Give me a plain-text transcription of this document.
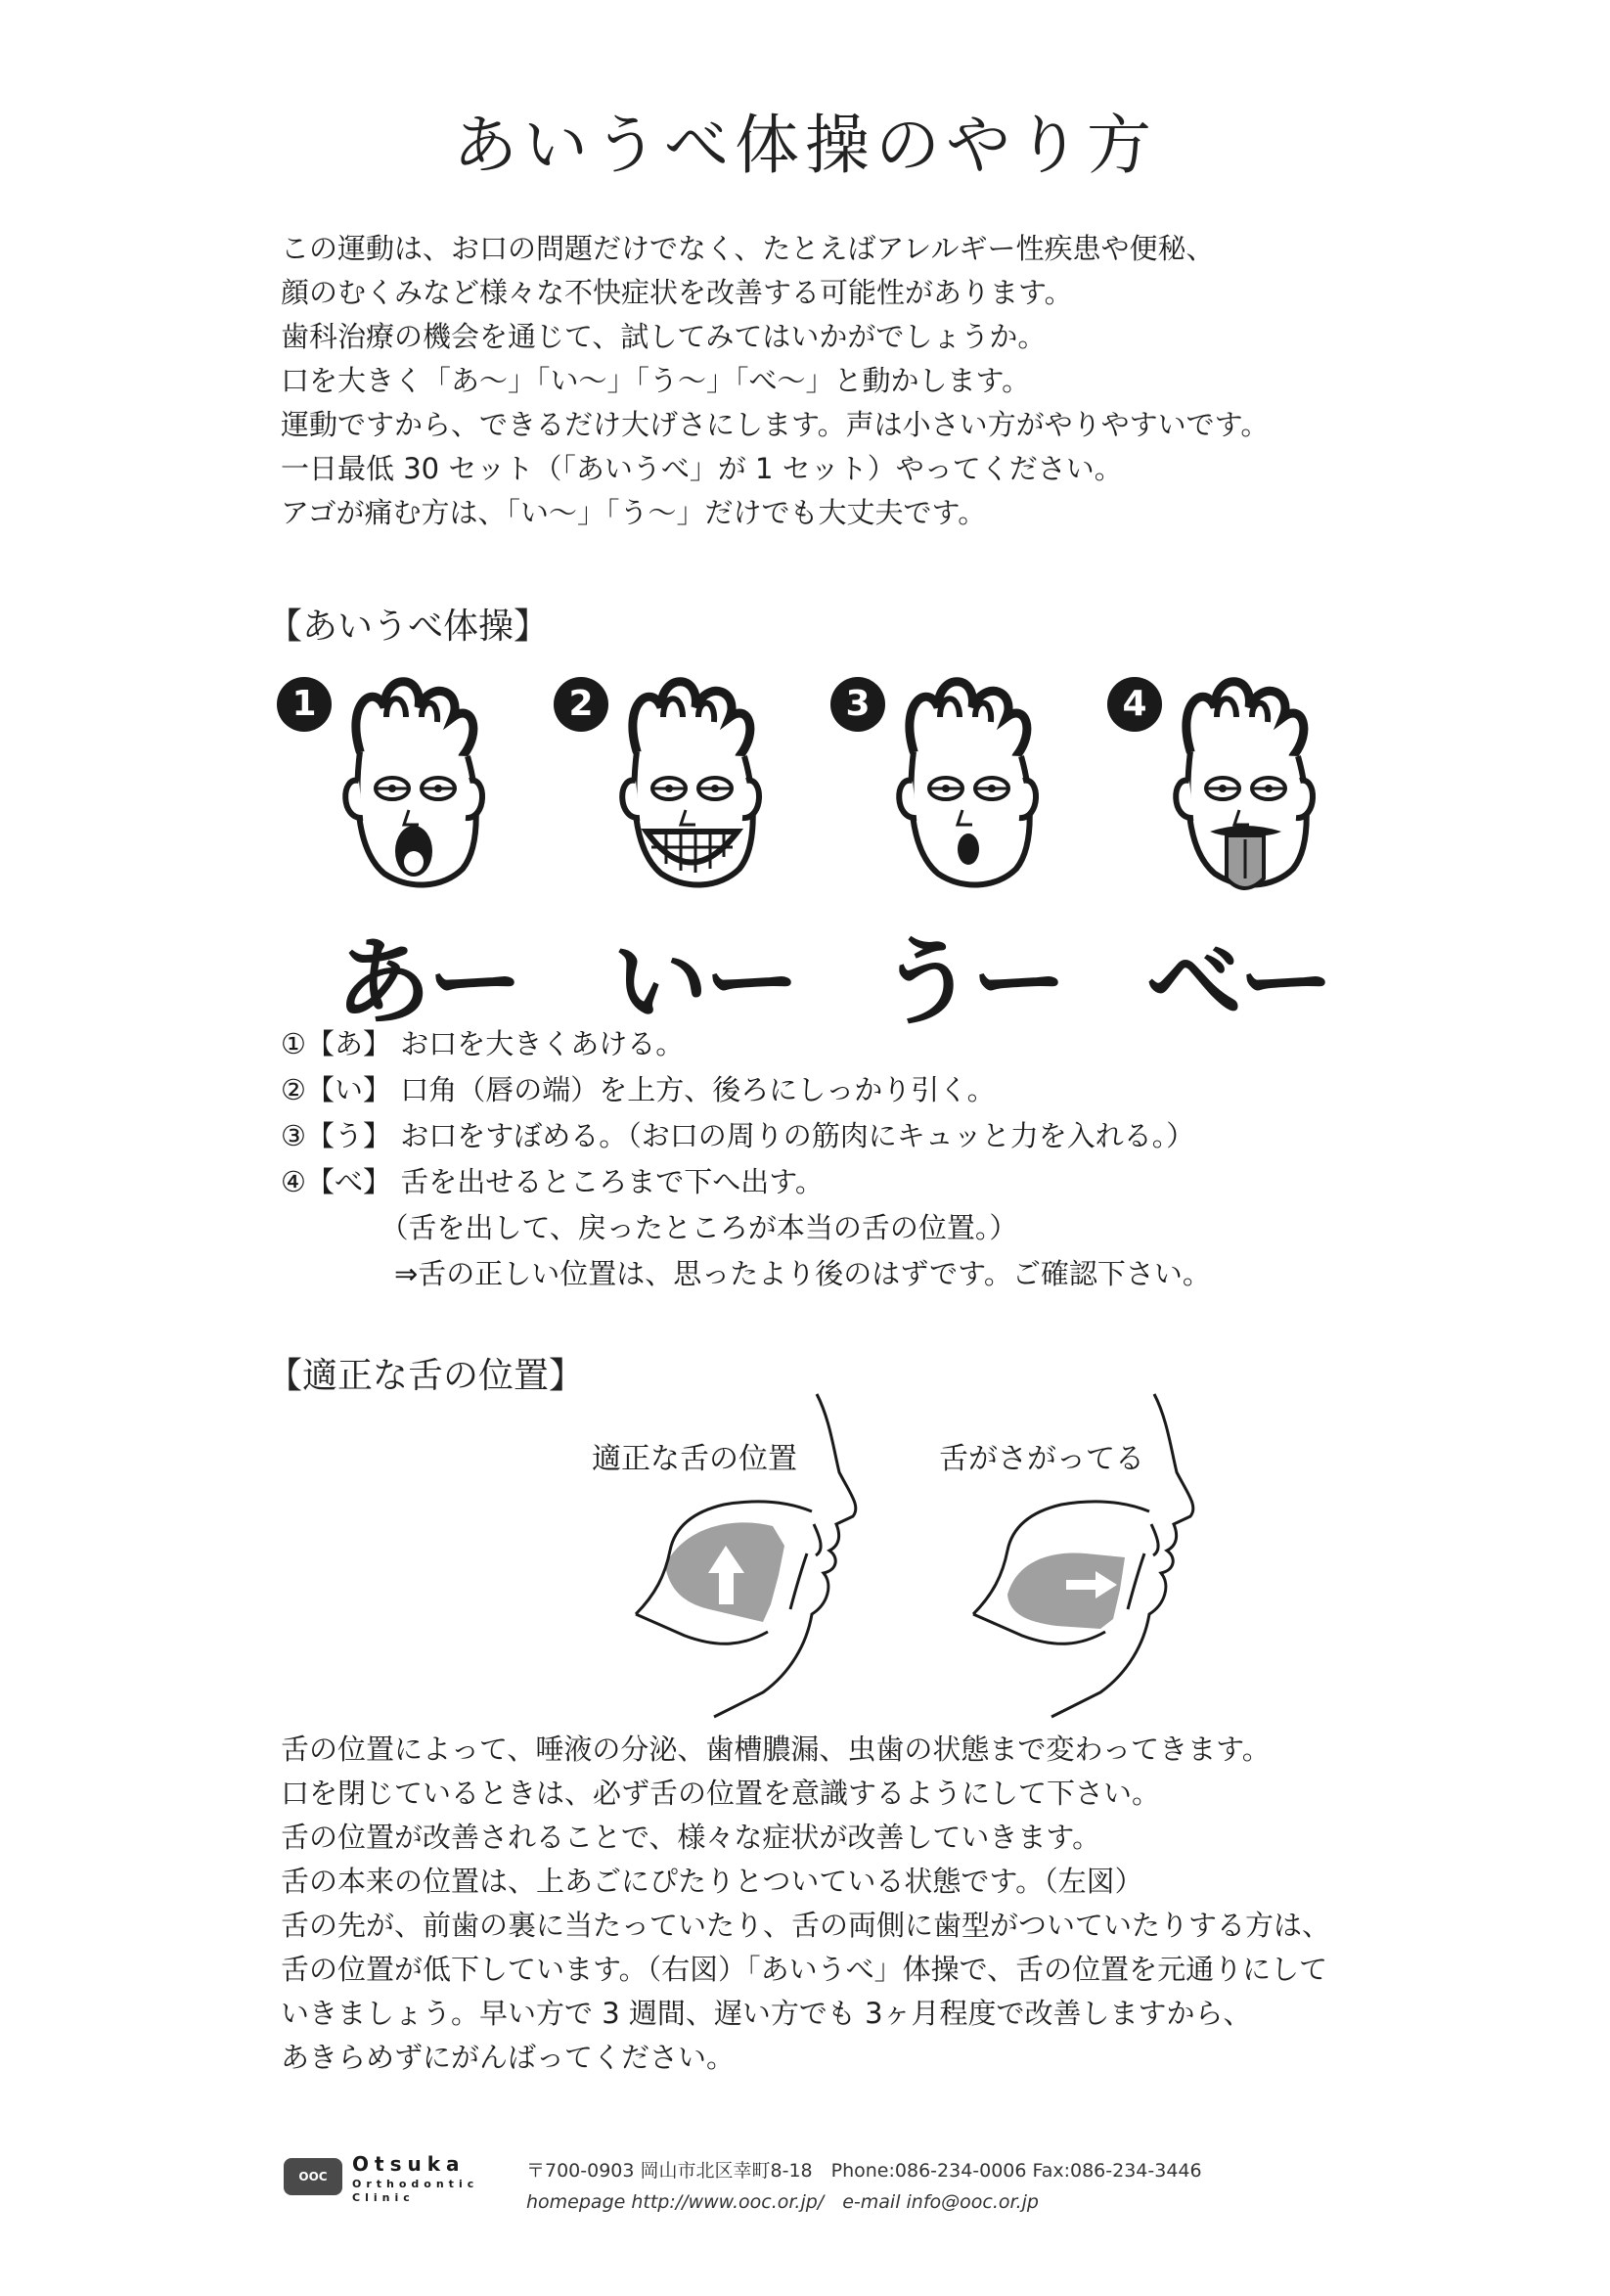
あいうべ体操のやり方
この運動は、お口の問題だけでなく、たとえばアレルギー性疾患や便秘、
顔のむくみなど様々な不快症状を改善する可能性があります。
歯科治療の機会を通じて、試してみてはいかがでしょうか。
口を大きく「あ～」「い～」「う～」「べ～」と動かします。
運動ですから、できるだけ大げさにします。声は小さい方がやりやすいです。
一日最低 30 セット（「あいうべ」が 1 セット）やってください。
アゴが痛む方は、「い～」「う～」だけでも大丈夫です。
【あいうべ体操】
1
あー
2
いー
3
うー
4
べー
①【あ】 お口を大きくあける。
②【い】 口角（唇の端）を上方、後ろにしっかり引く。
③【う】 お口をすぼめる。（お口の周りの筋肉にキュッと力を入れる。）
④【べ】 舌を出せるところまで下へ出す。
　　　　（舌を出して、戻ったところが本当の舌の位置。）
　　　　⇒舌の正しい位置は、思ったより後のはずです。ご確認下さい。
【適正な舌の位置】
適正な舌の位置	舌がさがってる
舌の位置によって、唾液の分泌、歯槽膿漏、虫歯の状態まで変わってきます。
口を閉じているときは、必ず舌の位置を意識するようにして下さい。
舌の位置が改善されることで、様々な症状が改善していきます。
舌の本来の位置は、上あごにぴたりとついている状態です。（左図）
舌の先が、前歯の裏に当たっていたり、舌の両側に歯型がついていたりする方は、
舌の位置が低下しています。（右図）「あいうべ」体操で、舌の位置を元通りにして
いきましょう。早い方で 3 週間、遅い方でも 3ヶ月程度で改善しますから、
あきらめずにがんばってください。
OOC
Otsuka
Orthodontic
Clinic
〒700-0903 岡山市北区幸町8-18　Phone:086-234-0006 Fax:086-234-3446
homepage http://www.ooc.or.jp/　e-mail info@ooc.or.jp
